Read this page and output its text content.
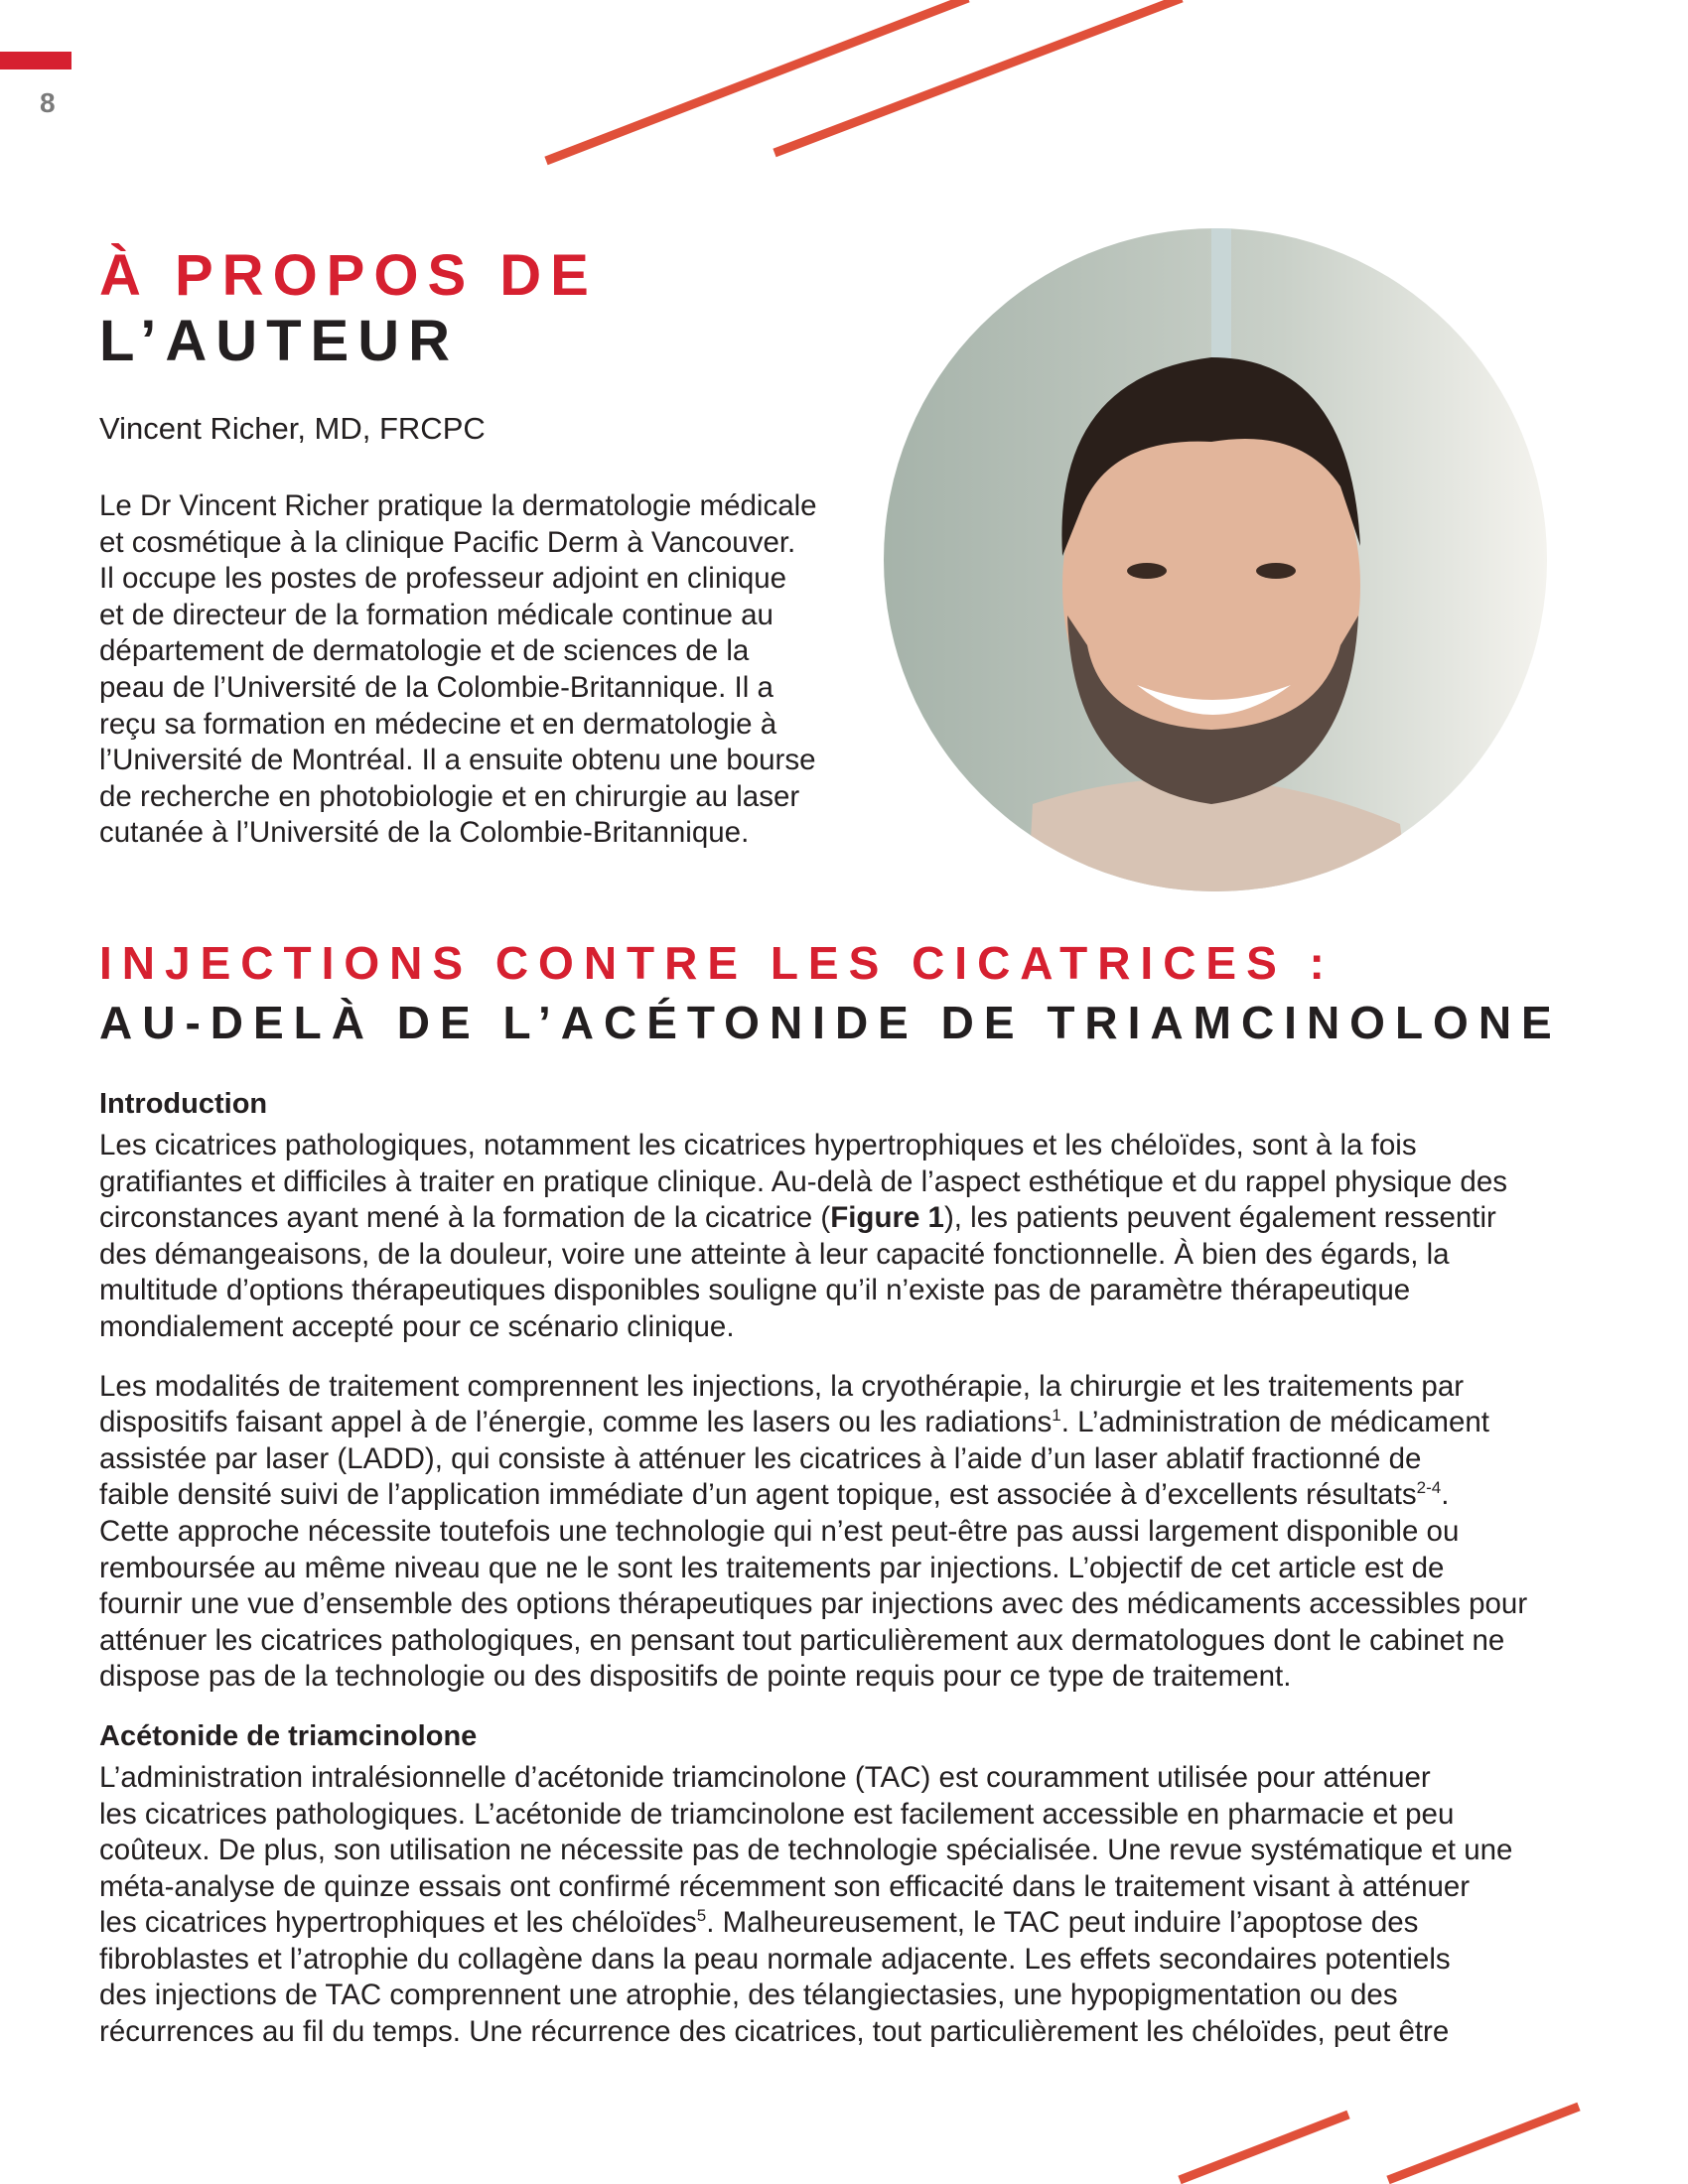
8
À PROPOS DE
L’AUTEUR
Vincent Richer, MD, FRCPC
Le Dr Vincent Richer pratique la dermatologie médicale
et cosmétique à la clinique Pacific Derm à Vancouver.
Il occupe les postes de professeur adjoint en clinique
et de directeur de la formation médicale continue au
département de dermatologie et de sciences de la
peau de l’Université de la Colombie-Britannique. Il a
reçu sa formation en médecine et en dermatologie à
l’Université de Montréal. Il a ensuite obtenu une bourse
de recherche en photobiologie et en chirurgie au laser
cutanée à l’Université de la Colombie-Britannique.
INJECTIONS CONTRE LES CICATRICES :
AU-DELÀ DE L’ACÉTONIDE DE TRIAMCINOLONE
Introduction
Les cicatrices pathologiques, notamment les cicatrices hypertrophiques et les chéloïdes, sont à la fois
gratifiantes et difficiles à traiter en pratique clinique. Au-delà de l’aspect esthétique et du rappel physique des
circonstances ayant mené à la formation de la cicatrice (Figure 1), les patients peuvent également ressentir
des démangeaisons, de la douleur, voire une atteinte à leur capacité fonctionnelle. À bien des égards, la
multitude d’options thérapeutiques disponibles souligne qu’il n’existe pas de paramètre thérapeutique
mondialement accepté pour ce scénario clinique.
Les modalités de traitement comprennent les injections, la cryothérapie, la chirurgie et les traitements par
dispositifs faisant appel à de l’énergie, comme les lasers ou les radiations$^1$. L’administration de médicament
assistée par laser (LADD), qui consiste à atténuer les cicatrices à l’aide d’un laser ablatif fractionné de
faible densité suivi de l’application immédiate d’un agent topique, est associée à d’excellents résultats$^{2-4}$.
Cette approche nécessite toutefois une technologie qui n’est peut-être pas aussi largement disponible ou
remboursée au même niveau que ne le sont les traitements par injections. L’objectif de cet article est de
fournir une vue d’ensemble des options thérapeutiques par injections avec des médicaments accessibles pour
atténuer les cicatrices pathologiques, en pensant tout particulièrement aux dermatologues dont le cabinet ne
dispose pas de la technologie ou des dispositifs de pointe requis pour ce type de traitement.
Acétonide de triamcinolone
L’administration intralésionnelle d’acétonide triamcinolone (TAC) est couramment utilisée pour atténuer
les cicatrices pathologiques. L’acétonide de triamcinolone est facilement accessible en pharmacie et peu
coûteux. De plus, son utilisation ne nécessite pas de technologie spécialisée. Une revue systématique et une
méta-analyse de quinze essais ont confirmé récemment son efficacité dans le traitement visant à atténuer
les cicatrices hypertrophiques et les chéloïdes$^5$. Malheureusement, le TAC peut induire l’apoptose des
fibroblastes et l’atrophie du collagène dans la peau normale adjacente. Les effets secondaires potentiels
des injections de TAC comprennent une atrophie, des télangiectasies, une hypopigmentation ou des
récurrences au fil du temps. Une récurrence des cicatrices, tout particulièrement les chéloïdes, peut être
